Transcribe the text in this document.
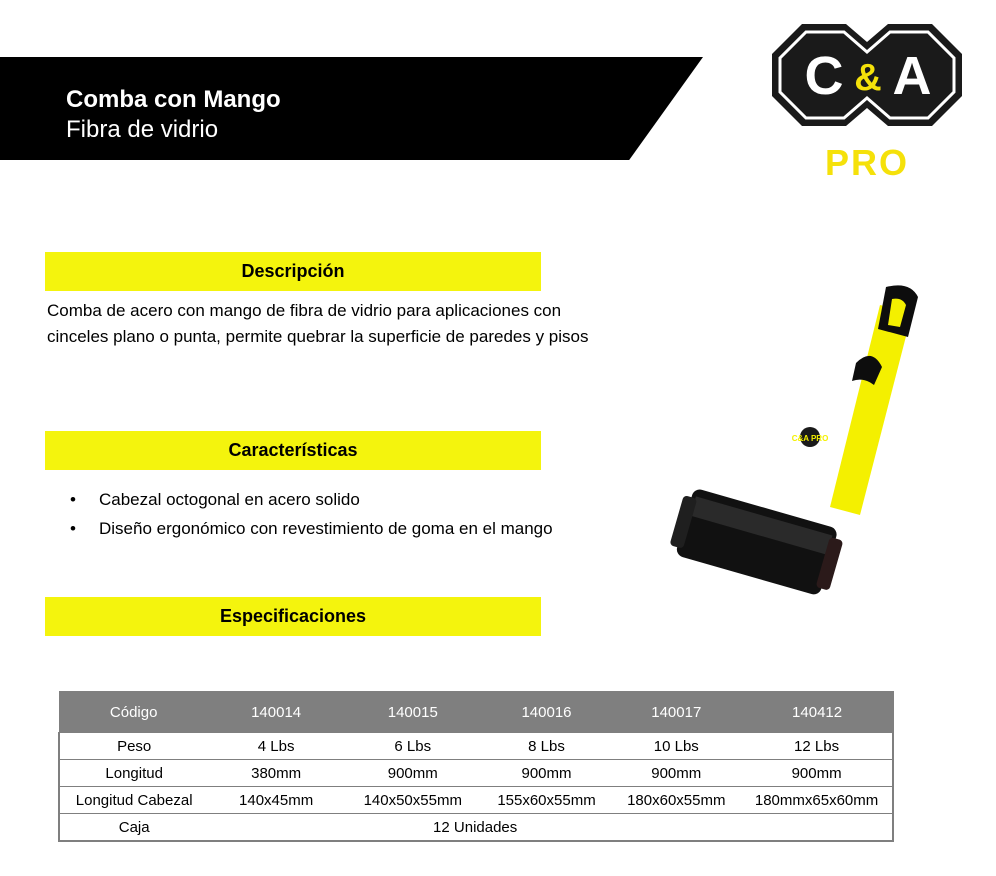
Comba con Mango
Fibra de vidrio
C & A
PRO
Descripción
Comba de acero con mango de fibra de vidrio para aplicaciones con cinceles plano o punta, permite quebrar la superficie de paredes y pisos
Características
• Cabezal octogonal en acero solido
• Diseño ergonómico con revestimiento de goma en el mango
C&A PRO
Especificaciones
Código	140014	140015	140016	140017	140412
Peso	4 Lbs	6 Lbs	8 Lbs	10 Lbs	12 Lbs
Longitud	380mm	900mm	900mm	900mm	900mm
Longitud Cabezal	140x45mm	140x50x55mm	155x60x55mm	180x60x55mm	180mmx65x60mm
Caja	12 Unidades				
